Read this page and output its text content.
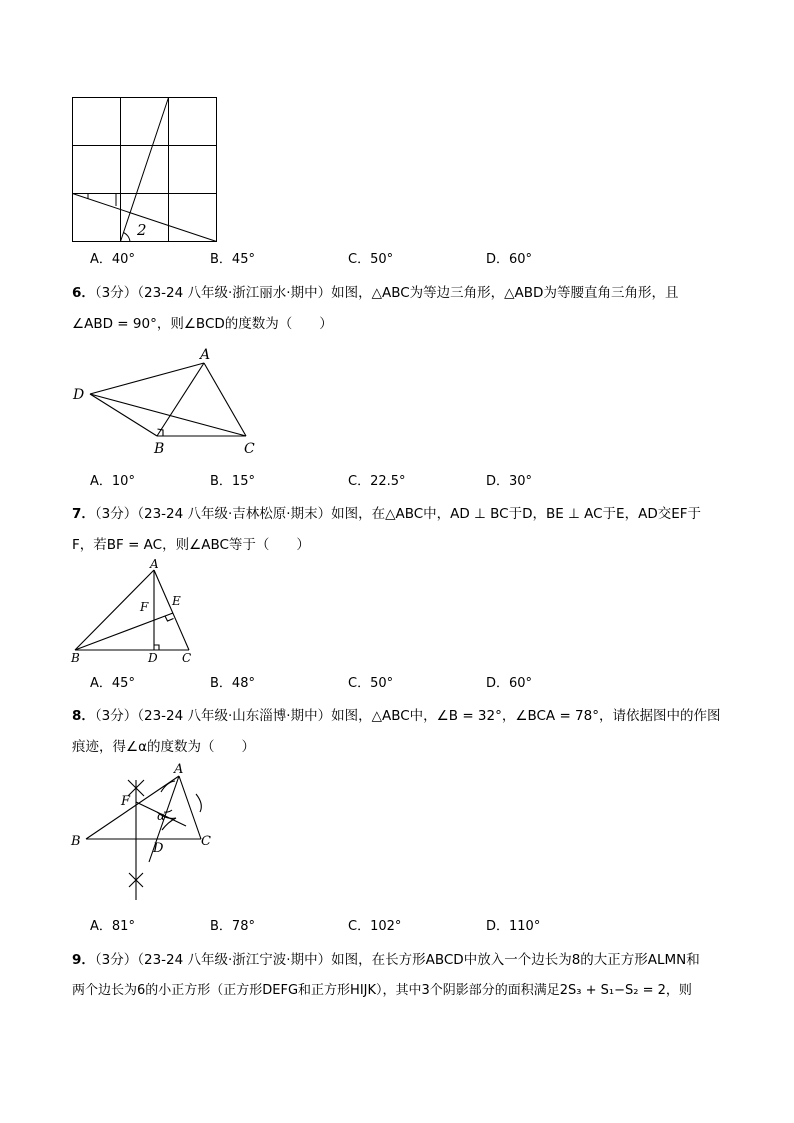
2
A．40°	B．45°	C．50°	D．60°
6．（3分）（23-24 八年级·浙江丽水·期中）如图，△ABC为等边三角形，△ABD为等腰直角三角形，且
∠ABD = 90°，则∠BCD的度数为（　　）
A
D
B	C
A．10°	B．15°	C．22.5°	D．30°
7．（3分）（23-24 八年级·吉林松原·期末）如图，在△ABC中，AD ⊥ BC于D，BE ⊥ AC于E，AD交EF于
F，若BF = AC，则∠ABC等于（　　）
A
F E
B	D C
A．45°	B．48°	C．50°	D．60°
8．（3分）（23-24 八年级·山东淄博·期中）如图，△ABC中，∠B = 32°，∠BCA = 78°，请依据图中的作图
痕迹，得∠α的度数为（　　）
A
F
α
B	D	C
A．81°	B．78°	C．102°	D．110°
9．（3分）（23-24 八年级·浙江宁波·期中）如图，在长方形ABCD中放入一个边长为8的大正方形ALMN和
两个边长为6的小正方形（正方形DEFG和正方形HIJK），其中3个阴影部分的面积满足2S₃ + S₁−S₂ = 2，则
